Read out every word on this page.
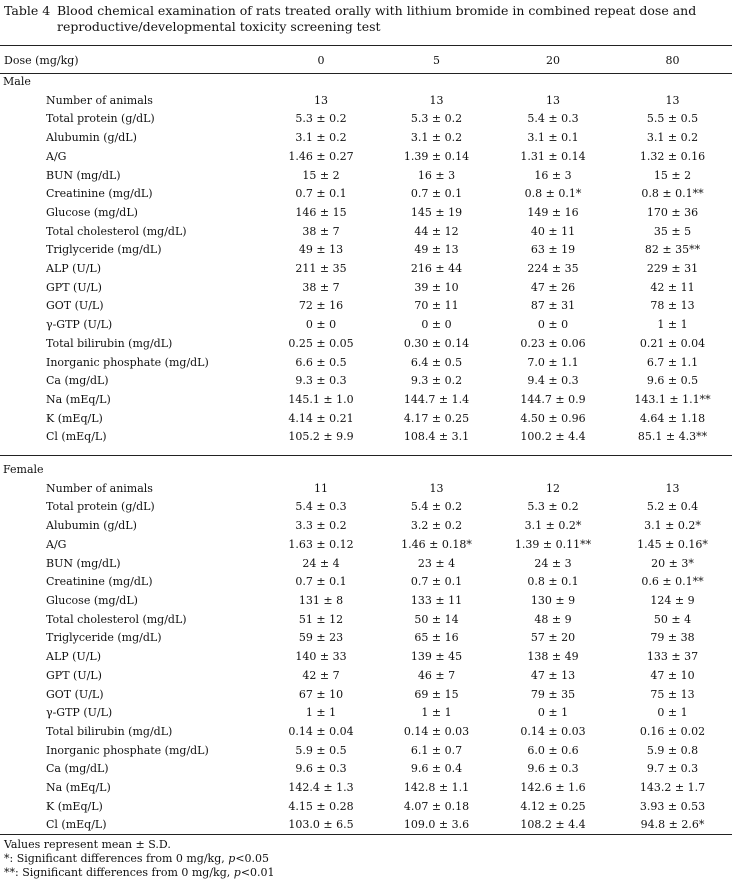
Table 4 Blood chemical examination of rats treated orally with lithium bromide in combined repeat dose and
reproductive/developmental toxicity screening test
Dose (mg/kg)	0	5	20	80
Male				
Number of animals	13	13	13	13
Total protein (g/dL)	5.3 ± 0.2	5.3 ± 0.2	5.4 ± 0.3	5.5 ± 0.5
Alubumin (g/dL)	3.1 ± 0.2	3.1 ± 0.2	3.1 ± 0.1	3.1 ± 0.2
A/G	1.46 ± 0.27	1.39 ± 0.14	1.31 ± 0.14	1.32 ± 0.16
BUN (mg/dL)	15 ± 2	16 ± 3	16 ± 3	15 ± 2
Creatinine (mg/dL)	0.7 ± 0.1	0.7 ± 0.1	0.8 ± 0.1*	0.8 ± 0.1**
Glucose (mg/dL)	146 ± 15	145 ± 19	149 ± 16	170 ± 36
Total cholesterol (mg/dL)	38 ± 7	44 ± 12	40 ± 11	35 ± 5
Triglyceride (mg/dL)	49 ± 13	49 ± 13	63 ± 19	82 ± 35**
ALP (U/L)	211 ± 35	216 ± 44	224 ± 35	229 ± 31
GPT (U/L)	38 ± 7	39 ± 10	47 ± 26	42 ± 11
GOT (U/L)	72 ± 16	70 ± 11	87 ± 31	78 ± 13
γ-GTP (U/L)	0 ± 0	0 ± 0	0 ± 0	1 ± 1
Total bilirubin (mg/dL)	0.25 ± 0.05	0.30 ± 0.14	0.23 ± 0.06	0.21 ± 0.04
Inorganic phosphate (mg/dL)	6.6 ± 0.5	6.4 ± 0.5	7.0 ± 1.1	6.7 ± 1.1
Ca (mg/dL)	9.3 ± 0.3	9.3 ± 0.2	9.4 ± 0.3	9.6 ± 0.5
Na (mEq/L)	145.1 ± 1.0	144.7 ± 1.4	144.7 ± 0.9	143.1 ± 1.1**
K (mEq/L)	4.14 ± 0.21	4.17 ± 0.25	4.50 ± 0.96	4.64 ± 1.18
Cl (mEq/L)	105.2 ± 9.9	108.4 ± 3.1	100.2 ± 4.4	85.1 ± 4.3**

Female				
Number of animals	11	13	12	13
Total protein (g/dL)	5.4 ± 0.3	5.4 ± 0.2	5.3 ± 0.2	5.2 ± 0.4
Alubumin (g/dL)	3.3 ± 0.2	3.2 ± 0.2	3.1 ± 0.2*	3.1 ± 0.2*
A/G	1.63 ± 0.12	1.46 ± 0.18*	1.39 ± 0.11**	1.45 ± 0.16*
BUN (mg/dL)	24 ± 4	23 ± 4	24 ± 3	20 ± 3*
Creatinine (mg/dL)	0.7 ± 0.1	0.7 ± 0.1	0.8 ± 0.1	0.6 ± 0.1**
Glucose (mg/dL)	131 ± 8	133 ± 11	130 ± 9	124 ± 9
Total cholesterol (mg/dL)	51 ± 12	50 ± 14	48 ± 9	50 ± 4
Triglyceride (mg/dL)	59 ± 23	65 ± 16	57 ± 20	79 ± 38
ALP (U/L)	140 ± 33	139 ± 45	138 ± 49	133 ± 37
GPT (U/L)	42 ± 7	46 ± 7	47 ± 13	47 ± 10
GOT (U/L)	67 ± 10	69 ± 15	79 ± 35	75 ± 13
γ-GTP (U/L)	1 ± 1	1 ± 1	0 ± 1	0 ± 1
Total bilirubin (mg/dL)	0.14 ± 0.04	0.14 ± 0.03	0.14 ± 0.03	0.16 ± 0.02
Inorganic phosphate (mg/dL)	5.9 ± 0.5	6.1 ± 0.7	6.0 ± 0.6	5.9 ± 0.8
Ca (mg/dL)	9.6 ± 0.3	9.6 ± 0.4	9.6 ± 0.3	9.7 ± 0.3
Na (mEq/L)	142.4 ± 1.3	142.8 ± 1.1	142.6 ± 1.6	143.2 ± 1.7
K (mEq/L)	4.15 ± 0.28	4.07 ± 0.18	4.12 ± 0.25	3.93 ± 0.53
Cl (mEq/L)	103.0 ± 6.5	109.0 ± 3.6	108.2 ± 4.4	94.8 ± 2.6*
Values represent mean ± S.D.
*: Significant differences from 0 mg/kg, p<0.05
**: Significant differences from 0 mg/kg, p<0.01
